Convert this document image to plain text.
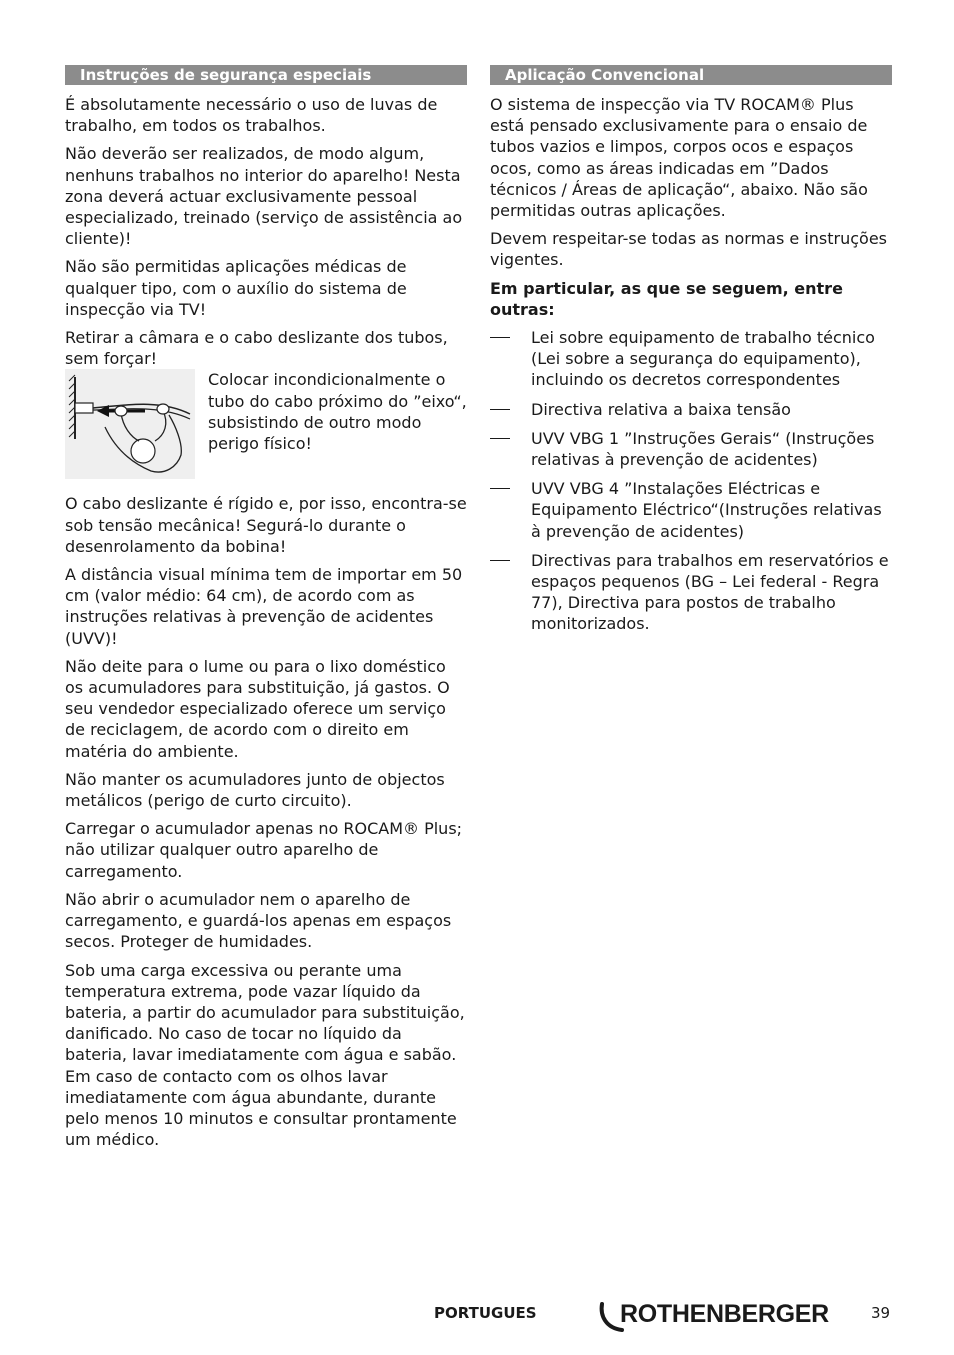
Instruções de segurança especiais

É absolutamente necessário o uso de luvas de trabalho, em todos os trabalhos.

Não deverão ser realizados, de modo algum, nenhuns trabalhos no interior do aparelho! Nesta zona deverá actuar exclusivamente pessoal especializado, treinado (serviço de assistência ao cliente)!

Não são permitidas aplicações médicas de qualquer tipo, com o auxílio do sistema de inspecção via TV!

Retirar a câmara e o cabo deslizante dos tubos, sem forçar!

Colocar incondicionalmente o tubo do cabo próximo do ”eixo“, subsistindo de outro modo perigo físico!

O cabo deslizante é rígido e, por isso, encontra-se sob tensão mecânica! Segurá-lo durante o desenrolamento da bobina!

A distância visual mínima tem de importar em 50 cm (valor médio: 64 cm), de acordo com as instruções relativas à prevenção de acidentes (UVV)!

Não deite para o lume ou para o lixo doméstico os acumuladores para substituição, já gastos. O seu vendedor especializado oferece um serviço de reciclagem, de acordo com o direito em matéria do ambiente.

Não manter os acumuladores junto de objectos metálicos (perigo de curto circuito).

Carregar o acumulador apenas no ROCAM® Plus; não utilizar qualquer outro aparelho de carregamento.

Não abrir o acumulador nem o aparelho de carregamento, e guardá-los apenas em espaços secos. Proteger de humidades.

Sob uma carga excessiva ou perante uma temperatura extrema, pode vazar líquido da bateria, a partir do acumulador para substituição, danificado. No caso de tocar no líquido da bateria, lavar imediatamente com água e sabão.

Em caso de contacto com os olhos lavar imediatamente com água abundante, durante pelo menos 10 minutos e consultar prontamente um médico.

Aplicação Convencional

O sistema de inspecção via TV ROCAM® Plus está pensado exclusivamente para o ensaio de tubos vazios e limpos, corpos ocos e espaços ocos, como as áreas indicadas em ”Dados técnicos / Áreas de aplicação“, abaixo. Não são permitidas outras aplicações.

Devem respeitar-se todas as normas e instruções vigentes.

Em particular, as que se seguem, entre outras:

Lei sobre equipamento de trabalho técnico (Lei sobre a segurança do equipamento), incluindo os decretos correspondentes
Directiva relativa a baixa tensão
UVV VBG 1 ”Instruções Gerais“ (Instruções relativas à prevenção de acidentes)
UVV VBG 4 ”Instalações Eléctricas e Equipamento Eléctrico“(Instruções relativas à prevenção de acidentes)
Directivas para trabalhos em reservatórios e espaços pequenos (BG – Lei federal - Regra 77), Directiva para postos de trabalho monitorizados.
PORTUGUES	ROTHENBERGER	39
